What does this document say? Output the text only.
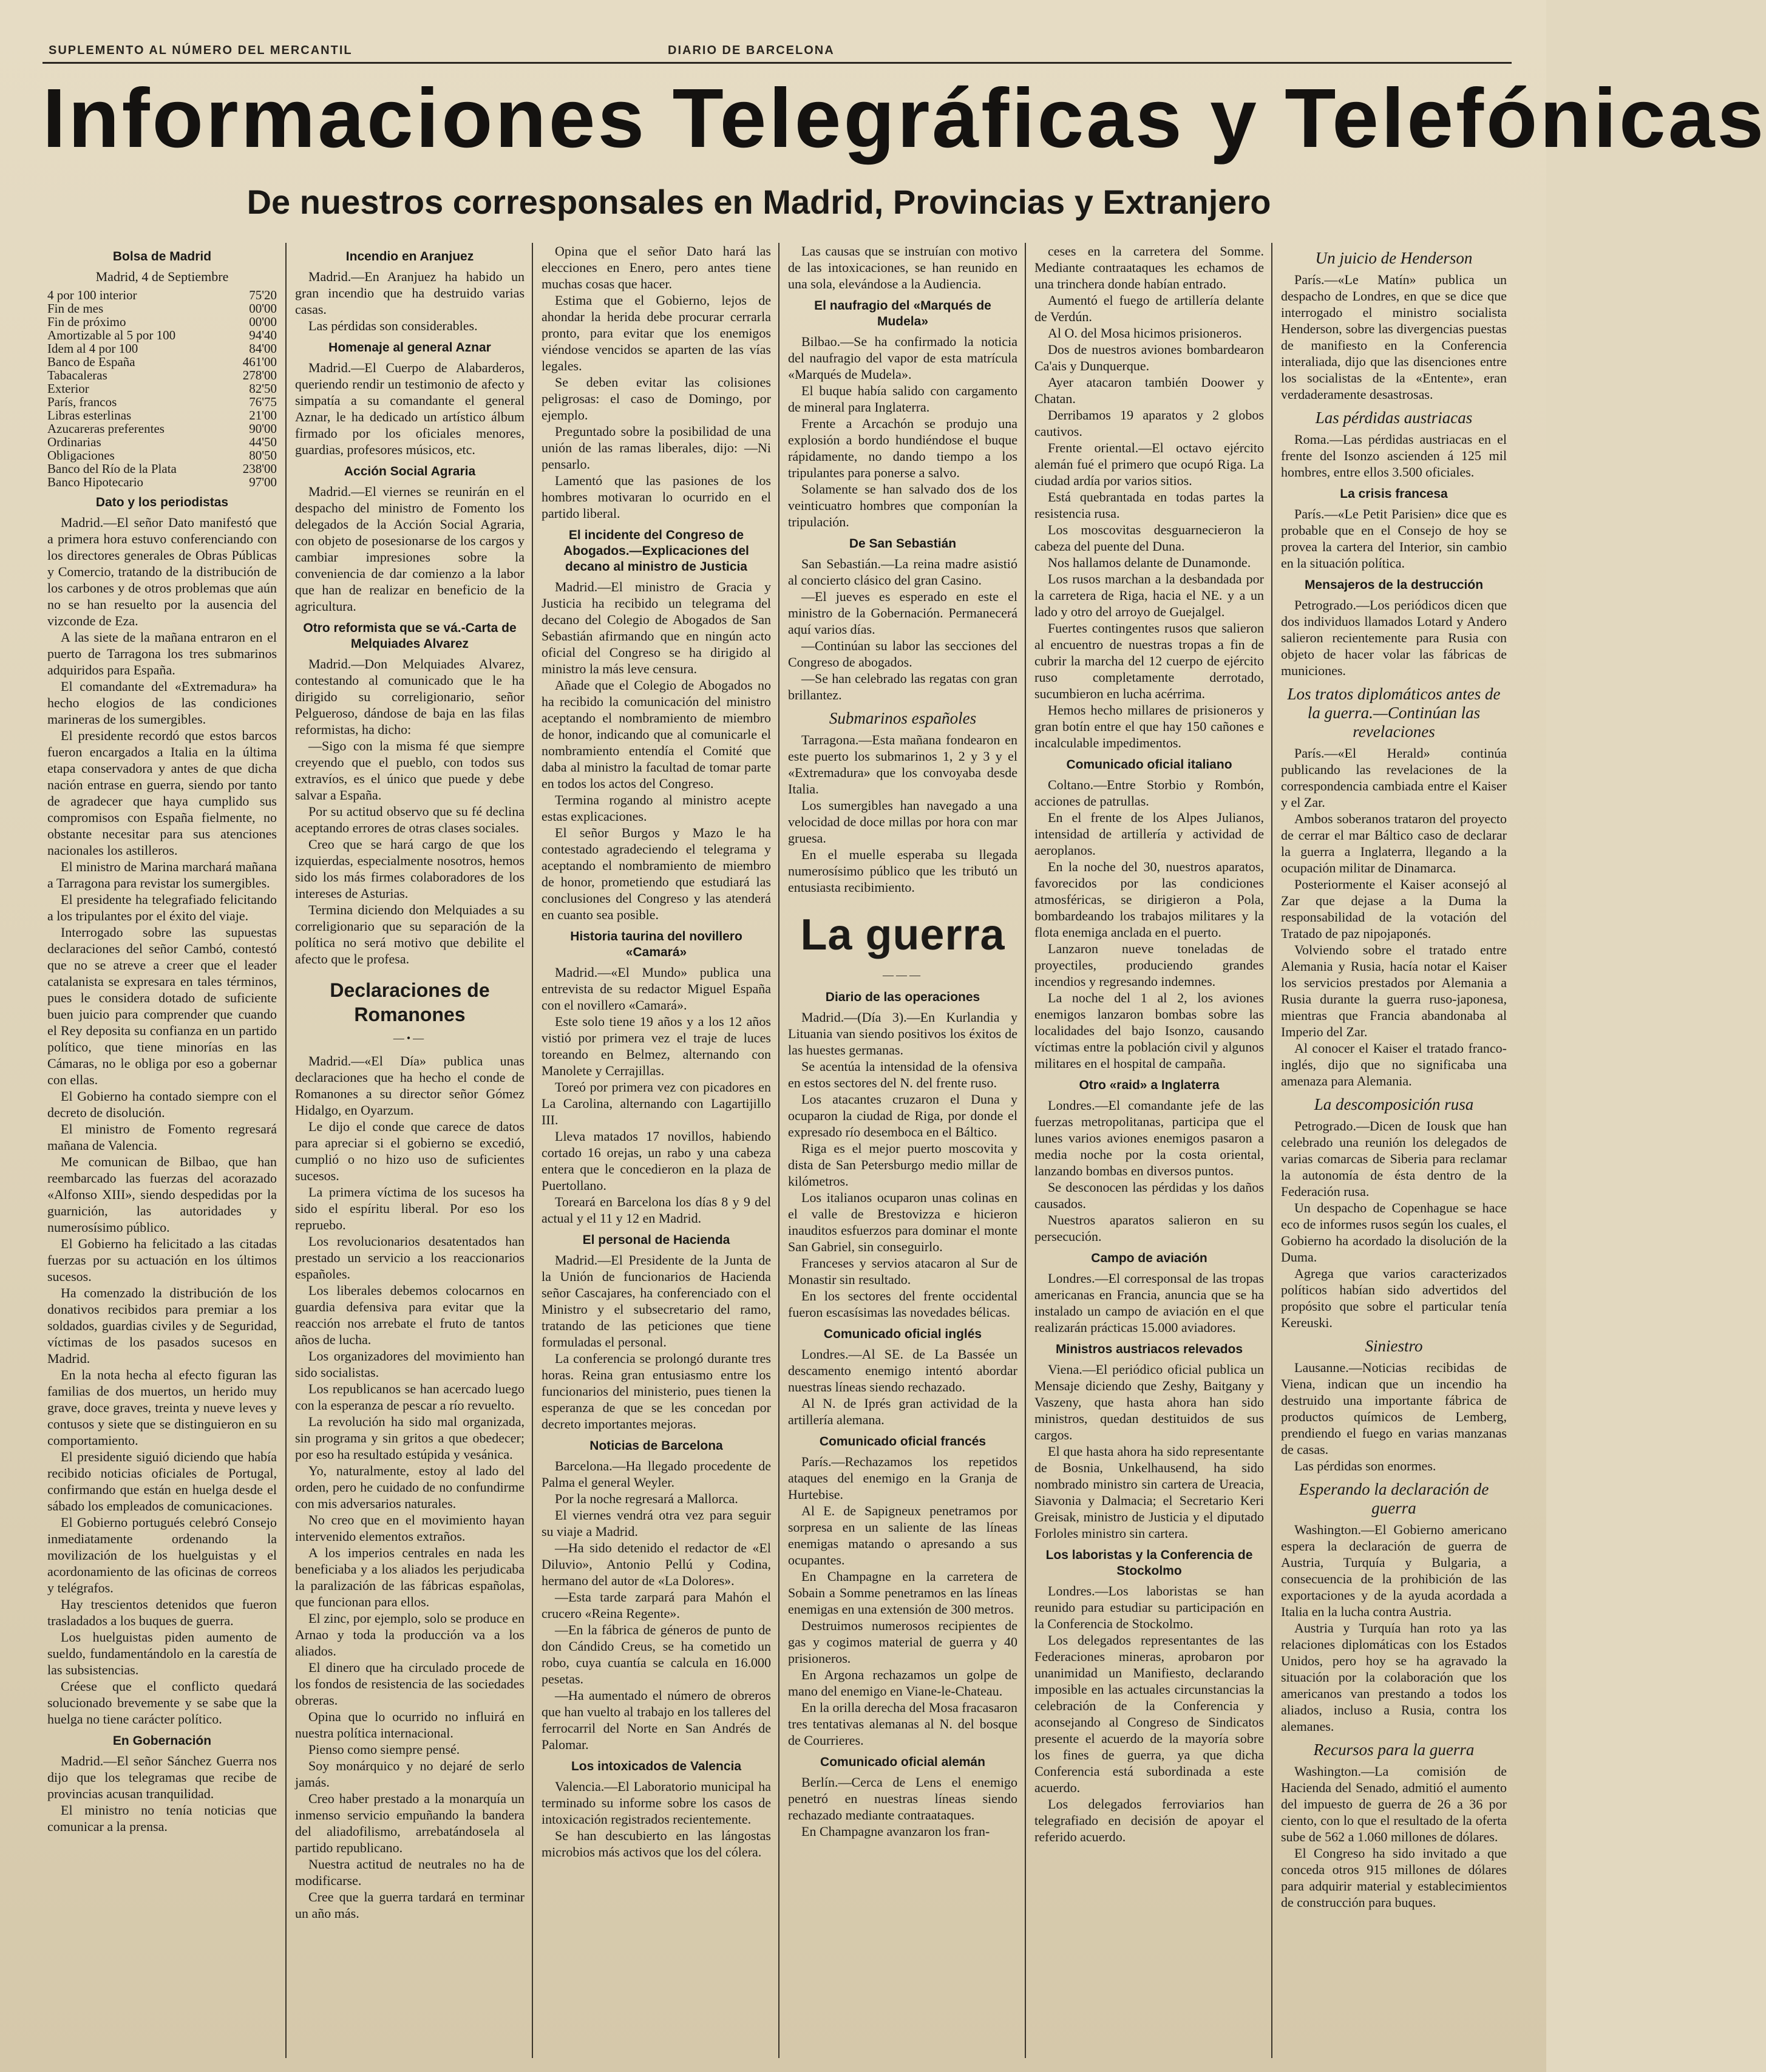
SUPLEMENTO AL NÚMERO DEL MERCANTIL	DIARIO DE BARCELONA
Informaciones Telegráficas y Telefónicas
De nuestros corresponsales en Madrid, Provincias y Extranjero
Bolsa de Madrid

Madrid, 4 de Septiembre

4 por 100 interior	75'20
Fin de mes	00'00
Fin de próximo	00'00
Amortizable al 5 por 100	94'40
Idem al 4 por 100	84'00
Banco de España	461'00
Tabacaleras	278'00
Exterior	82'50
París, francos	76'75
Libras esterlinas	21'00
Azucareras preferentes	90'00
Ordinarias	44'50
Obligaciones	80'50
Banco del Río de la Plata	238'00
Banco Hipotecario	97'00
Dato y los periodistas

Madrid.—El señor Dato manifestó que a primera hora estuvo conferenciando con los directores generales de Obras Públicas y Comercio, tratando de la distribución de los carbones y de otros problemas que aún no se han resuelto por la ausencia del vizconde de Eza.

A las siete de la mañana entraron en el puerto de Tarragona los tres submarinos adquiridos para España.

El comandante del «Extremadura» ha hecho elogios de las condiciones marineras de los sumergibles.

El presidente recordó que estos barcos fueron encargados a Italia en la última etapa conservadora y antes de que dicha nación entrase en guerra, siendo por tanto de agradecer que haya cumplido sus compromisos con España fielmente, no obstante necesitar para sus atenciones nacionales los astilleros.

El ministro de Marina marchará mañana a Tarragona para revistar los sumergibles.

El presidente ha telegrafiado felicitando a los tripulantes por el éxito del viaje.

Interrogado sobre las supuestas declaraciones del señor Cambó, contestó que no se atreve a creer que el leader catalanista se expresara en tales términos, pues le considera dotado de suficiente buen juicio para comprender que cuando el Rey deposita su confianza en un partido político, que tiene minorías en las Cámaras, no le obliga por eso a gobernar con ellas.

El Gobierno ha contado siempre con el decreto de disolución.

El ministro de Fomento regresará mañana de Valencia.

Me comunican de Bilbao, que han reembarcado las fuerzas del acorazado «Alfonso XIII», siendo despedidas por la guarnición, las autoridades y numerosísimo público.

El Gobierno ha felicitado a las citadas fuerzas por su actuación en los últimos sucesos.

Ha comenzado la distribución de los donativos recibidos para premiar a los soldados, guardias civiles y de Seguridad, víctimas de los pasados sucesos en Madrid.

En la nota hecha al efecto figuran las familias de dos muertos, un herido muy grave, doce graves, treinta y nueve leves y contusos y siete que se distinguieron en su comportamiento.

El presidente siguió diciendo que había recibido noticias oficiales de Portugal, confirmando que están en huelga desde el sábado los empleados de comunicaciones.

El Gobierno portugués celebró Consejo inmediatamente ordenando la movilización de los huelguistas y el acordonamiento de las oficinas de correos y telégrafos.

Hay trescientos detenidos que fueron trasladados a los buques de guerra.

Los huelguistas piden aumento de sueldo, fundamentándolo en la carestía de las subsistencias.

Créese que el conflicto quedará solucionado brevemente y se sabe que la huelga no tiene carácter político.

En Gobernación

Madrid.—El señor Sánchez Guerra nos dijo que los telegramas que recibe de provincias acusan tranquilidad.

El ministro no tenía noticias que comunicar a la prensa.

Incendio en Aranjuez

Madrid.—En Aranjuez ha habido un gran incendio que ha destruido varias casas.

Las pérdidas son considerables.

Homenaje al general Aznar

Madrid.—El Cuerpo de Alabarderos, queriendo rendir un testimonio de afecto y simpatía a su comandante el general Aznar, le ha dedicado un artístico álbum firmado por los oficiales menores, guardias, profesores músicos, etc.

Acción Social Agraria

Madrid.—El viernes se reunirán en el despacho del ministro de Fomento los delegados de la Acción Social Agraria, con objeto de posesionarse de los cargos y cambiar impresiones sobre la conveniencia de dar comienzo a la labor que han de realizar en beneficio de la agricultura.

Otro reformista que se vá.-Carta de Melquiades Alvarez

Madrid.—Don Melquiades Alvarez, contestando al comunicado que le ha dirigido su correligionario, señor Pelgueroso, dándose de baja en las filas reformistas, ha dicho:

—Sigo con la misma fé que siempre creyendo que el pueblo, con todos sus extravíos, es el único que puede y debe salvar a España.

Por su actitud observo que su fé declina aceptando errores de otras clases sociales.

Creo que se hará cargo de que los izquierdas, especialmente nosotros, hemos sido los más firmes colaboradores de los intereses de Asturias.

Termina diciendo don Melquiades a su correligionario que su separación de la política no será motivo que debilite el afecto que le profesa.

Declaraciones de Romanones
—•—

Madrid.—«El Día» publica unas declaraciones que ha hecho el conde de Romanones a su director señor Gómez Hidalgo, en Oyarzum.

Le dijo el conde que carece de datos para apreciar si el gobierno se excedió, cumplió o no hizo uso de suficientes sucesos.

La primera víctima de los sucesos ha sido el espíritu liberal. Por eso los repruebo.

Los revolucionarios desatentados han prestado un servicio a los reaccionarios españoles.

Los liberales debemos colocarnos en guardia defensiva para evitar que la reacción nos arrebate el fruto de tantos años de lucha.

Los organizadores del movimiento han sido socialistas.

Los republicanos se han acercado luego con la esperanza de pescar a río revuelto.

La revolución ha sido mal organizada, sin programa y sin gritos a que obedecer; por eso ha resultado estúpida y vesánica.

Yo, naturalmente, estoy al lado del orden, pero he cuidado de no confundirme con mis adversarios naturales.

No creo que en el movimiento hayan intervenido elementos extraños.

A los imperios centrales en nada les beneficiaba y a los aliados les perjudicaba la paralización de las fábricas españolas, que funcionan para ellos.

El zinc, por ejemplo, solo se produce en Arnao y toda la producción va a los aliados.

El dinero que ha circulado procede de los fondos de resistencia de las sociedades obreras.

Opina que lo ocurrido no influirá en nuestra política internacional.

Pienso como siempre pensé.

Soy monárquico y no dejaré de serlo jamás.

Creo haber prestado a la monarquía un inmenso servicio empuñando la bandera del aliadofilismo, arrebatándosela al partido republicano.

Nuestra actitud de neutrales no ha de modificarse.

Cree que la guerra tardará en terminar un año más.

Opina que el señor Dato hará las elecciones en Enero, pero antes tiene muchas cosas que hacer.

Estima que el Gobierno, lejos de ahondar la herida debe procurar cerrarla pronto, para evitar que los enemigos viéndose vencidos se aparten de las vías legales.

Se deben evitar las colisiones peligrosas: el caso de Domingo, por ejemplo.

Preguntado sobre la posibilidad de una unión de las ramas liberales, dijo: —Ni pensarlo.

Lamentó que las pasiones de los hombres motivaran lo ocurrido en el partido liberal.

El incidente del Congreso de Abogados.—Explicaciones del decano al ministro de Justicia

Madrid.—El ministro de Gracia y Justicia ha recibido un telegrama del decano del Colegio de Abogados de San Sebastián afirmando que en ningún acto oficial del Congreso se ha dirigido al ministro la más leve censura.

Añade que el Colegio de Abogados no ha recibido la comunicación del ministro aceptando el nombramiento de miembro de honor, indicando que al comunicarle el nombramiento entendía el Comité que daba al ministro la facultad de tomar parte en todos los actos del Congreso.

Termina rogando al ministro acepte estas explicaciones.

El señor Burgos y Mazo le ha contestado agradeciendo el telegrama y aceptando el nombramiento de miembro de honor, prometiendo que estudiará las conclusiones del Congreso y las atenderá en cuanto sea posible.

Historia taurina del novillero «Camará»

Madrid.—«El Mundo» publica una entrevista de su redactor Miguel España con el novillero «Camará».

Este solo tiene 19 años y a los 12 años vistió por primera vez el traje de luces toreando en Belmez, alternando con Manolete y Cerrajillas.

Toreó por primera vez con picadores en La Carolina, alternando con Lagartijillo III.

Lleva matados 17 novillos, habiendo cortado 16 orejas, un rabo y una cabeza entera que le concedieron en la plaza de Puertollano.

Toreará en Barcelona los días 8 y 9 del actual y el 11 y 12 en Madrid.

El personal de Hacienda

Madrid.—El Presidente de la Junta de la Unión de funcionarios de Hacienda señor Cascajares, ha conferenciado con el Ministro y el subsecretario del ramo, tratando de las peticiones que tiene formuladas el personal.

La conferencia se prolongó durante tres horas. Reina gran entusiasmo entre los funcionarios del ministerio, pues tienen la esperanza de que se les concedan por decreto importantes mejoras.

Noticias de Barcelona

Barcelona.—Ha llegado procedente de Palma el general Weyler.

Por la noche regresará a Mallorca.

El viernes vendrá otra vez para seguir su viaje a Madrid.

—Ha sido detenido el redactor de «El Diluvio», Antonio Pellú y Codina, hermano del autor de «La Dolores».

—Esta tarde zarpará para Mahón el crucero «Reina Regente».

—En la fábrica de géneros de punto de don Cándido Creus, se ha cometido un robo, cuya cuantía se calcula en 16.000 pesetas.

—Ha aumentado el número de obreros que han vuelto al trabajo en los talleres del ferrocarril del Norte en San Andrés de Palomar.

Los intoxicados de Valencia

Valencia.—El Laboratorio municipal ha terminado su informe sobre los casos de intoxicación registrados recientemente.

Se han descubierto en las lángostas microbios más activos que los del cólera.

Las causas que se instruían con motivo de las intoxicaciones, se han reunido en una sola, elevándose a la Audiencia.

El naufragio del «Marqués de Mudela»

Bilbao.—Se ha confirmado la noticia del naufragio del vapor de esta matrícula «Marqués de Mudela».

El buque había salido con cargamento de mineral para Inglaterra.

Frente a Arcachón se produjo una explosión a bordo hundiéndose el buque rápidamente, no dando tiempo a los tripulantes para ponerse a salvo.

Solamente se han salvado dos de los veinticuatro hombres que componían la tripulación.

De San Sebastián

San Sebastián.—La reina madre asistió al concierto clásico del gran Casino.

—El jueves es esperado en este el ministro de la Gobernación. Permanecerá aquí varios días.

—Continúan su labor las secciones del Congreso de abogados.

—Se han celebrado las regatas con gran brillantez.

Submarinos españoles

Tarragona.—Esta mañana fondearon en este puerto los submarinos 1, 2 y 3 y el «Extremadura» que los convoyaba desde Italia.

Los sumergibles han navegado a una velocidad de doce millas por hora con mar gruesa.

En el muelle esperaba su llegada numerosísimo público que les tributó un entusiasta recibimiento.

La guerra
———
Diario de las operaciones

Madrid.—(Día 3).—En Kurlandia y Lituania van siendo positivos los éxitos de las huestes germanas.

Se acentúa la intensidad de la ofensiva en estos sectores del N. del frente ruso.

Los atacantes cruzaron el Duna y ocuparon la ciudad de Riga, por donde el expresado río desemboca en el Báltico.

Riga es el mejor puerto moscovita y dista de San Petersburgo medio millar de kilómetros.

Los italianos ocuparon unas colinas en el valle de Brestovizza e hicieron inauditos esfuerzos para dominar el monte San Gabriel, sin conseguirlo.

Franceses y servios atacaron al Sur de Monastir sin resultado.

En los sectores del frente occidental fueron escasísimas las novedades bélicas.

Comunicado oficial inglés

Londres.—Al SE. de La Bassée un descamento enemigo intentó abordar nuestras líneas siendo rechazado.

Al N. de Iprés gran actividad de la artillería alemana.

Comunicado oficial francés

París.—Rechazamos los repetidos ataques del enemigo en la Granja de Hurtebise.

Al E. de Sapigneux penetramos por sorpresa en un saliente de las líneas enemigas matando o apresando a sus ocupantes.

En Champagne en la carretera de Sobain a Somme penetramos en las líneas enemigas en una extensión de 300 metros.

Destruimos numerosos recipientes de gas y cogimos material de guerra y 40 prisioneros.

En Argona rechazamos un golpe de mano del enemigo en Viane-le-Chateau.

En la orilla derecha del Mosa fracasaron tres tentativas alemanas al N. del bosque de Courrieres.

Comunicado oficial alemán

Berlín.—Cerca de Lens el enemigo penetró en nuestras líneas siendo rechazado mediante contraataques.

En Champagne avanzaron los fran-

ceses en la carretera del Somme. Mediante contraataques les echamos de una trinchera donde habían entrado.

Aumentó el fuego de artillería delante de Verdún.

Al O. del Mosa hicimos prisioneros.

Dos de nuestros aviones bombardearon Ca'ais y Dunquerque.

Ayer atacaron también Doower y Chatan.

Derribamos 19 aparatos y 2 globos cautivos.

Frente oriental.—El octavo ejército alemán fué el primero que ocupó Riga. La ciudad ardía por varios sitios.

Está quebrantada en todas partes la resistencia rusa.

Los moscovitas desguarnecieron la cabeza del puente del Duna.

Nos hallamos delante de Dunamonde.

Los rusos marchan a la desbandada por la carretera de Riga, hacia el NE. y a un lado y otro del arroyo de Guejalgel.

Fuertes contingentes rusos que salieron al encuentro de nuestras tropas a fin de cubrir la marcha del 12 cuerpo de ejército ruso completamente derrotado, sucumbieron en lucha acérrima.

Hemos hecho millares de prisioneros y gran botín entre el que hay 150 cañones e incalculable impedimentos.

Comunicado oficial italiano

Coltano.—Entre Storbio y Rombón, acciones de patrullas.

En el frente de los Alpes Julianos, intensidad de artillería y actividad de aeroplanos.

En la noche del 30, nuestros aparatos, favorecidos por las condiciones atmosféricas, se dirigieron a Pola, bombardeando los trabajos militares y la flota enemiga anclada en el puerto.

Lanzaron nueve toneladas de proyectiles, produciendo grandes incendios y regresando indemnes.

La noche del 1 al 2, los aviones enemigos lanzaron bombas sobre las localidades del bajo Isonzo, causando víctimas entre la población civil y algunos militares en el hospital de campaña.

Otro «raid» a Inglaterra

Londres.—El comandante jefe de las fuerzas metropolitanas, participa que el lunes varios aviones enemigos pasaron a media noche por la costa oriental, lanzando bombas en diversos puntos.

Se desconocen las pérdidas y los daños causados.

Nuestros aparatos salieron en su persecución.

Campo de aviación

Londres.—El corresponsal de las tropas americanas en Francia, anuncia que se ha instalado un campo de aviación en el que realizarán prácticas 15.000 aviadores.

Ministros austriacos relevados

Viena.—El periódico oficial publica un Mensaje diciendo que Zeshy, Baitgany y Vaszeny, que hasta ahora han sido ministros, quedan destituidos de sus cargos.

El que hasta ahora ha sido representante de Bosnia, Unkelhausend, ha sido nombrado ministro sin cartera de Ureacia, Siavonia y Dalmacia; el Secretario Keri Greisak, ministro de Justicia y el diputado Forloles ministro sin cartera.

Los laboristas y la Conferencia de Stockolmo

Londres.—Los laboristas se han reunido para estudiar su participación en la Conferencia de Stockolmo.

Los delegados representantes de las Federaciones mineras, aprobaron por unanimidad un Manifiesto, declarando imposible en las actuales circunstancias la celebración de la Conferencia y aconsejando al Congreso de Sindicatos presente el acuerdo de la mayoría sobre los fines de guerra, ya que dicha Conferencia está subordinada a este acuerdo.

Los delegados ferroviarios han telegrafiado en decisión de apoyar el referido acuerdo.

Un juicio de Henderson

París.—«Le Matín» publica un despacho de Londres, en que se dice que interrogado el ministro socialista Henderson, sobre las divergencias puestas de manifiesto en la Conferencia interaliada, dijo que las disenciones entre los socialistas de la «Entente», eran verdaderamente desastrosas.

Las pérdidas austriacas

Roma.—Las pérdidas austriacas en el frente del Isonzo ascienden á 125 mil hombres, entre ellos 3.500 oficiales.

La crisis francesa

París.—«Le Petit Parisien» dice que es probable que en el Consejo de hoy se provea la cartera del Interior, sin cambio en la situación política.

Mensajeros de la destrucción

Petrogrado.—Los periódicos dicen que dos individuos llamados Lotard y Andero salieron recientemente para Rusia con objeto de hacer volar las fábricas de municiones.

Los tratos diplomáticos antes de la guerra.—Continúan las revelaciones

París.—«El Herald» continúa publicando las revelaciones de la correspondencia cambiada entre el Kaiser y el Zar.

Ambos soberanos trataron del proyecto de cerrar el mar Báltico caso de declarar la guerra a Inglaterra, llegando a la ocupación militar de Dinamarca.

Posteriormente el Kaiser aconsejó al Zar que dejase a la Duma la responsabilidad de la votación del Tratado de paz nipojaponés.

Volviendo sobre el tratado entre Alemania y Rusia, hacía notar el Kaiser los servicios prestados por Alemania a Rusia durante la guerra ruso-japonesa, mientras que Francia abandonaba al Imperio del Zar.

Al conocer el Kaiser el tratado franco-inglés, dijo que no significaba una amenaza para Alemania.

La descomposición rusa

Petrogrado.—Dicen de Iousk que han celebrado una reunión los delegados de varias comarcas de Siberia para reclamar la autonomía de ésta dentro de la Federación rusa.

Un despacho de Copenhague se hace eco de informes rusos según los cuales, el Gobierno ha acordado la disolución de la Duma.

Agrega que varios caracterizados políticos habían sido advertidos del propósito que sobre el particular tenía Kereuski.

Siniestro

Lausanne.—Noticias recibidas de Viena, indican que un incendio ha destruido una importante fábrica de productos químicos de Lemberg, prendiendo el fuego en varias manzanas de casas.

Las pérdidas son enormes.

Esperando la declaración de guerra

Washington.—El Gobierno americano espera la declaración de guerra de Austria, Turquía y Bulgaria, a consecuencia de la prohibición de las exportaciones y de la ayuda acordada a Italia en la lucha contra Austria.

Austria y Turquía han roto ya las relaciones diplomáticas con los Estados Unidos, pero hoy se ha agravado la situación por la colaboración que los americanos van prestando a todos los aliados, incluso a Rusia, contra los alemanes.

Recursos para la guerra

Washington.—La comisión de Hacienda del Senado, admitió el aumento del impuesto de guerra de 26 a 36 por ciento, con lo que el resultado de la oferta sube de 562 a 1.060 millones de dólares.

El Congreso ha sido invitado a que conceda otros 915 millones de dólares para adquirir material y establecimientos de construcción para buques.
